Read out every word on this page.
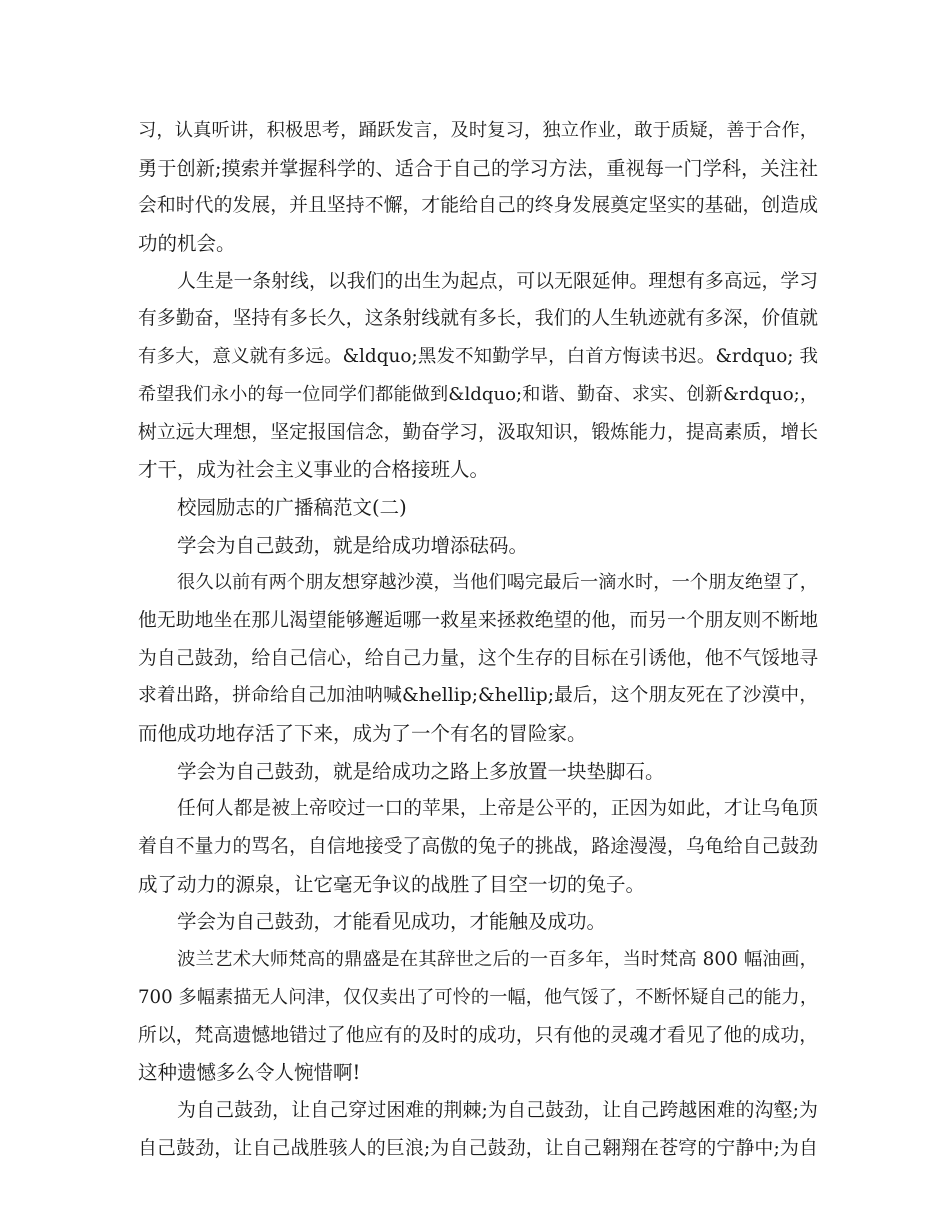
习，认真听讲，积极思考，踊跃发言，及时复习，独立作业，敢于质疑，善于合作，
勇于创新;摸索并掌握科学的、适合于自己的学习方法，重视每一门学科，关注社
会和时代的发展，并且坚持不懈，才能给自己的终身发展奠定坚实的基础，创造成
功的机会。
人生是一条射线，以我们的出生为起点，可以无限延伸。理想有多高远，学习
有多勤奋，坚持有多长久，这条射线就有多长，我们的人生轨迹就有多深，价值就
有多大，意义就有多远。&ldquo;黑发不知勤学早，白首方悔读书迟。&rdquo; 我
希望我们永小的每一位同学们都能做到&ldquo;和谐、勤奋、求实、创新&rdquo;，
树立远大理想，坚定报国信念，勤奋学习，汲取知识，锻炼能力，提高素质，增长
才干，成为社会主义事业的合格接班人。
校园励志的广播稿范文(二)
学会为自己鼓劲，就是给成功增添砝码。
很久以前有两个朋友想穿越沙漠，当他们喝完最后一滴水时，一个朋友绝望了，
他无助地坐在那儿渴望能够邂逅哪一救星来拯救绝望的他，而另一个朋友则不断地
为自己鼓劲，给自己信心，给自己力量，这个生存的目标在引诱他，他不气馁地寻
求着出路，拼命给自己加油呐喊&hellip;&hellip;最后，这个朋友死在了沙漠中，
而他成功地存活了下来，成为了一个有名的冒险家。
学会为自己鼓劲，就是给成功之路上多放置一块垫脚石。
任何人都是被上帝咬过一口的苹果，上帝是公平的，正因为如此，才让乌龟顶
着自不量力的骂名，自信地接受了高傲的兔子的挑战，路途漫漫，乌龟给自己鼓劲
成了动力的源泉，让它毫无争议的战胜了目空一切的兔子。
学会为自己鼓劲，才能看见成功，才能触及成功。
波兰艺术大师梵高的鼎盛是在其辞世之后的一百多年，当时梵高 800 幅油画，
700 多幅素描无人问津，仅仅卖出了可怜的一幅，他气馁了，不断怀疑自己的能力，
所以，梵高遗憾地错过了他应有的及时的成功，只有他的灵魂才看见了他的成功，
这种遗憾多么令人惋惜啊!
为自己鼓劲，让自己穿过困难的荆棘;为自己鼓劲，让自己跨越困难的沟壑;为
自己鼓劲，让自己战胜骇人的巨浪;为自己鼓劲，让自己翱翔在苍穹的宁静中;为自
